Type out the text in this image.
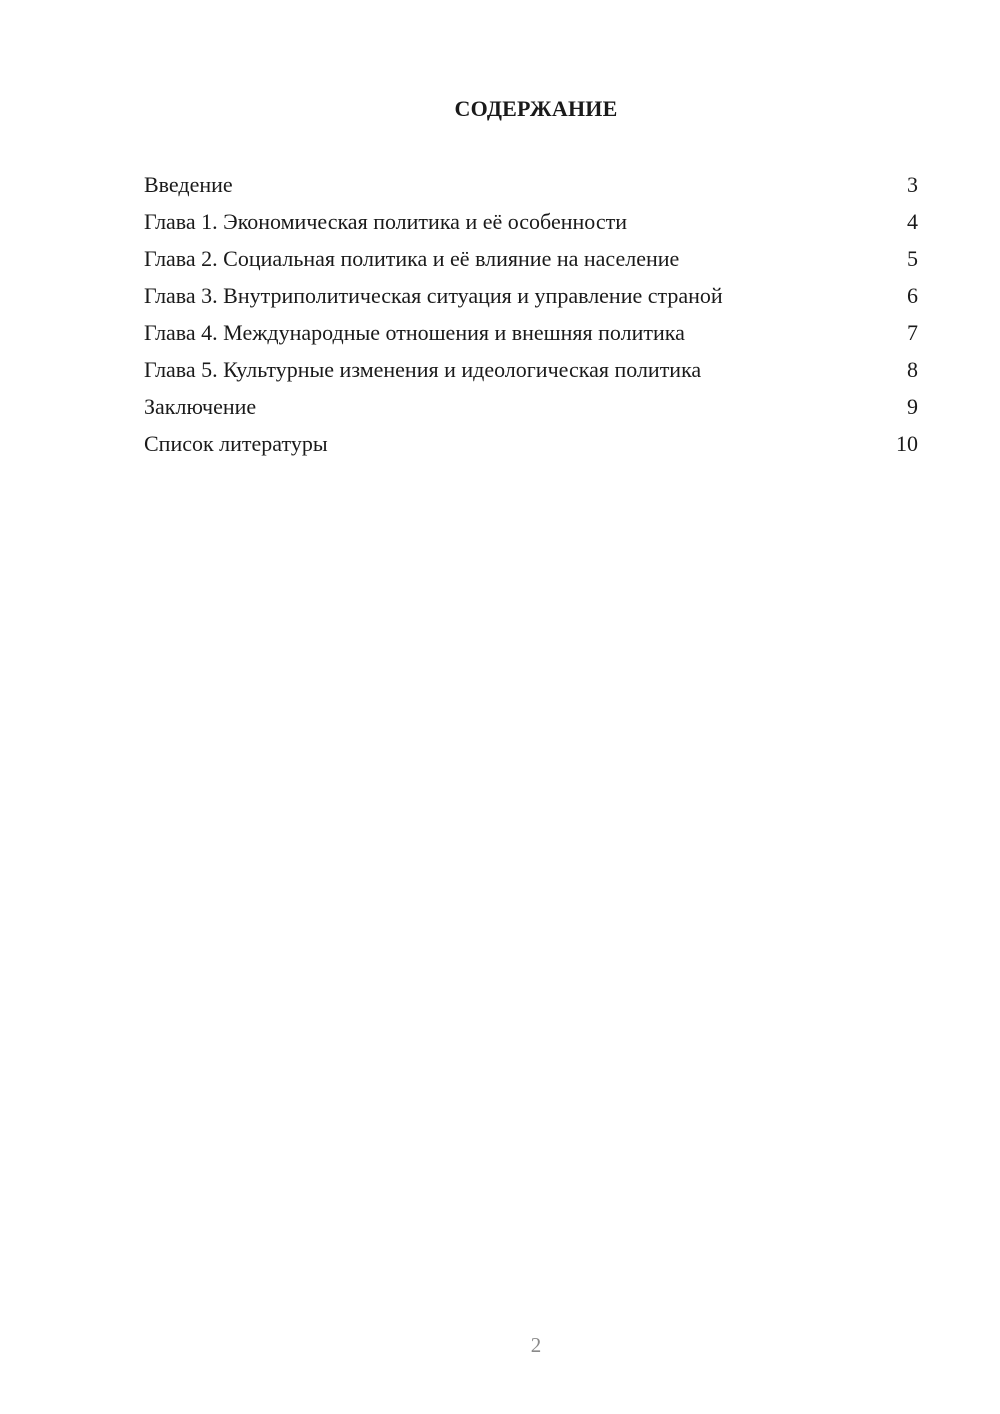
СОДЕРЖАНИЕ
Введение	3
Глава 1. Экономическая политика и её особенности	4
Глава 2. Социальная политика и её влияние на население	5
Глава 3. Внутриполитическая ситуация и управление страной	6
Глава 4. Международные отношения и внешняя политика	7
Глава 5. Культурные изменения и идеологическая политика	8
Заключение	9
Список литературы	10
2
